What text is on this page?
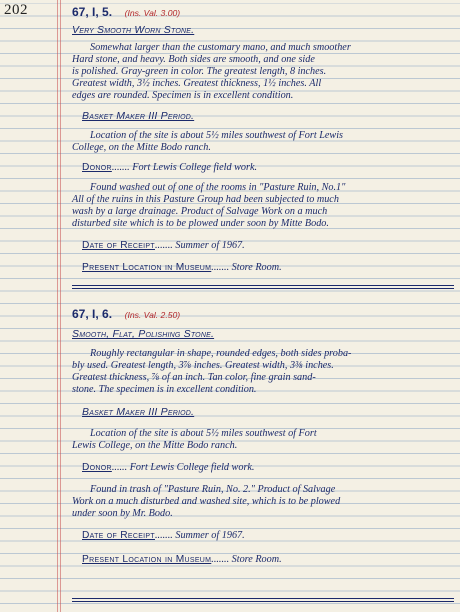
202	67, I, 5. (Ins. Val. 3.00)
Very Smooth Worn Stone.
Somewhat larger than the customary mano, and much smoother
Hard stone, and heavy. Both sides are smooth, and one side
is polished. Gray-green in color. The greatest length, 8 inches.
Greatest width, 3½ inches. Greatest thickness, 1½ inches. All
edges are rounded. Specimen is in excellent condition.
Basket Maker III Period.
Location of the site is about 5½ miles southwest of Fort Lewis
College, on the Mitte Bodo ranch.
Donor....... Fort Lewis College field work.
Found washed out of one of the rooms in "Pasture Ruin, No.1"
All of the ruins in this Pasture Group had been subjected to much
wash by a large drainage. Product of Salvage Work on a much
disturbed site which is to be plowed under soon by Mitte Bodo.
Date of Receipt....... Summer of 1967.
Present Location in Museum....... Store Room.
67, I, 6. (Ins. Val. 2.50)
Smooth, Flat, Polishing Stone.
Roughly rectangular in shape, rounded edges, both sides proba-
bly used. Greatest length, 3⅞ inches. Greatest width, 3⅜ inches.
Greatest thickness, ⅞ of an inch. Tan color, fine grain sand-
stone. The specimen is in excellent condition.
Basket Maker III Period.
Location of the site is about 5½ miles southwest of Fort
Lewis College, on the Mitte Bodo ranch.
Donor...... Fort Lewis College field work.
Found in trash of "Pasture Ruin, No. 2." Product of Salvage
Work on a much disturbed and washed site, which is to be plowed
under soon by Mr. Bodo.
Date of Receipt....... Summer of 1967.
Present Location in Museum....... Store Room.
